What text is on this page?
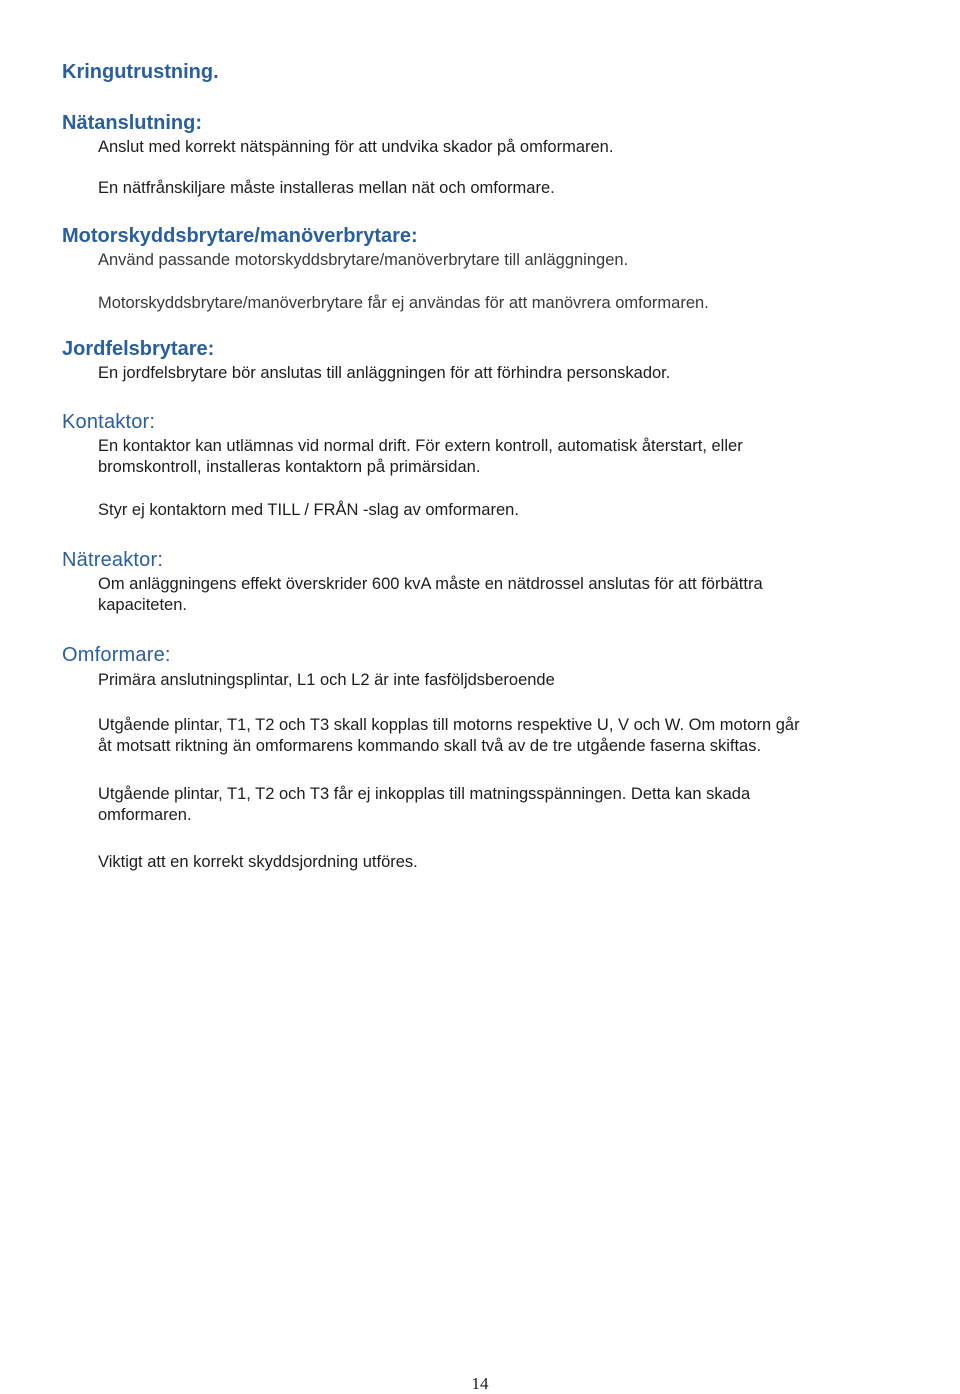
Kringutrustning.
Nätanslutning:

Anslut med korrekt nätspänning för att undvika skador på omformaren.

En nätfrånskiljare måste installeras mellan nät och omformare.

Motorskyddsbrytare/manöverbrytare:

Använd passande motorskyddsbrytare/manöverbrytare till anläggningen.

Motorskyddsbrytare/manöverbrytare får ej användas för att manövrera omformaren.

Jordfelsbrytare:

En jordfelsbrytare bör anslutas till anläggningen för att förhindra personskador.

Kontaktor:

En kontaktor kan utlämnas vid normal drift. För extern kontroll, automatisk återstart, eller

bromskontroll, installeras kontaktorn på primärsidan.

Styr ej kontaktorn med TILL / FRÅN -slag av omformaren.

Nätreaktor:

Om anläggningens effekt överskrider 600 kvA måste en nätdrossel anslutas för att förbättra

kapaciteten.

Omformare:

Primära anslutningsplintar, L1 och L2 är inte fasföljdsberoende

Utgående plintar, T1, T2 och T3 skall kopplas till motorns respektive U, V och W. Om motorn går

åt motsatt riktning än omformarens kommando skall två av de tre utgående faserna skiftas.

Utgående plintar, T1, T2 och T3 får ej inkopplas till matningsspänningen. Detta kan skada

omformaren.

Viktigt att en korrekt skyddsjordning utföres.

14
